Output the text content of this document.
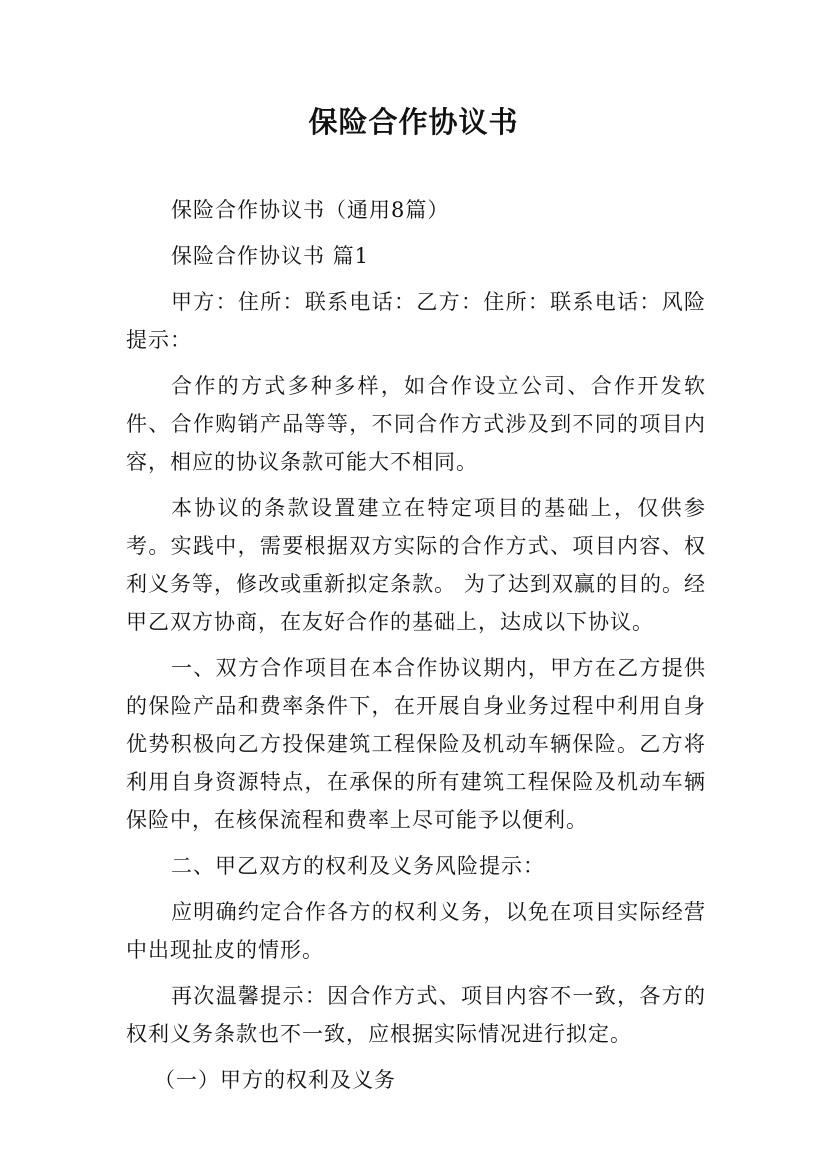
保险合作协议书

保险合作协议书（通用8篇）

保险合作协议书 篇1

甲方：住所：联系电话：乙方：住所：联系电话：风险提示：

合作的方式多种多样，如合作设立公司、合作开发软件、合作购销产品等等，不同合作方式涉及到不同的项目内容，相应的协议条款可能大不相同。

本协议的条款设置建立在特定项目的基础上，仅供参考。实践中，需要根据双方实际的合作方式、项目内容、权利义务等，修改或重新拟定条款。 为了达到双赢的目的。经甲乙双方协商，在友好合作的基础上，达成以下协议。

一、双方合作项目在本合作协议期内，甲方在乙方提供的保险产品和费率条件下，在开展自身业务过程中利用自身优势积极向乙方投保建筑工程保险及机动车辆保险。乙方将利用自身资源特点，在承保的所有建筑工程保险及机动车辆保险中，在核保流程和费率上尽可能予以便利。

二、甲乙双方的权利及义务风险提示：

应明确约定合作各方的权利义务，以免在项目实际经营中出现扯皮的情形。

再次温馨提示：因合作方式、项目内容不一致，各方的权利义务条款也不一致，应根据实际情况进行拟定。

（一）甲方的权利及义务
